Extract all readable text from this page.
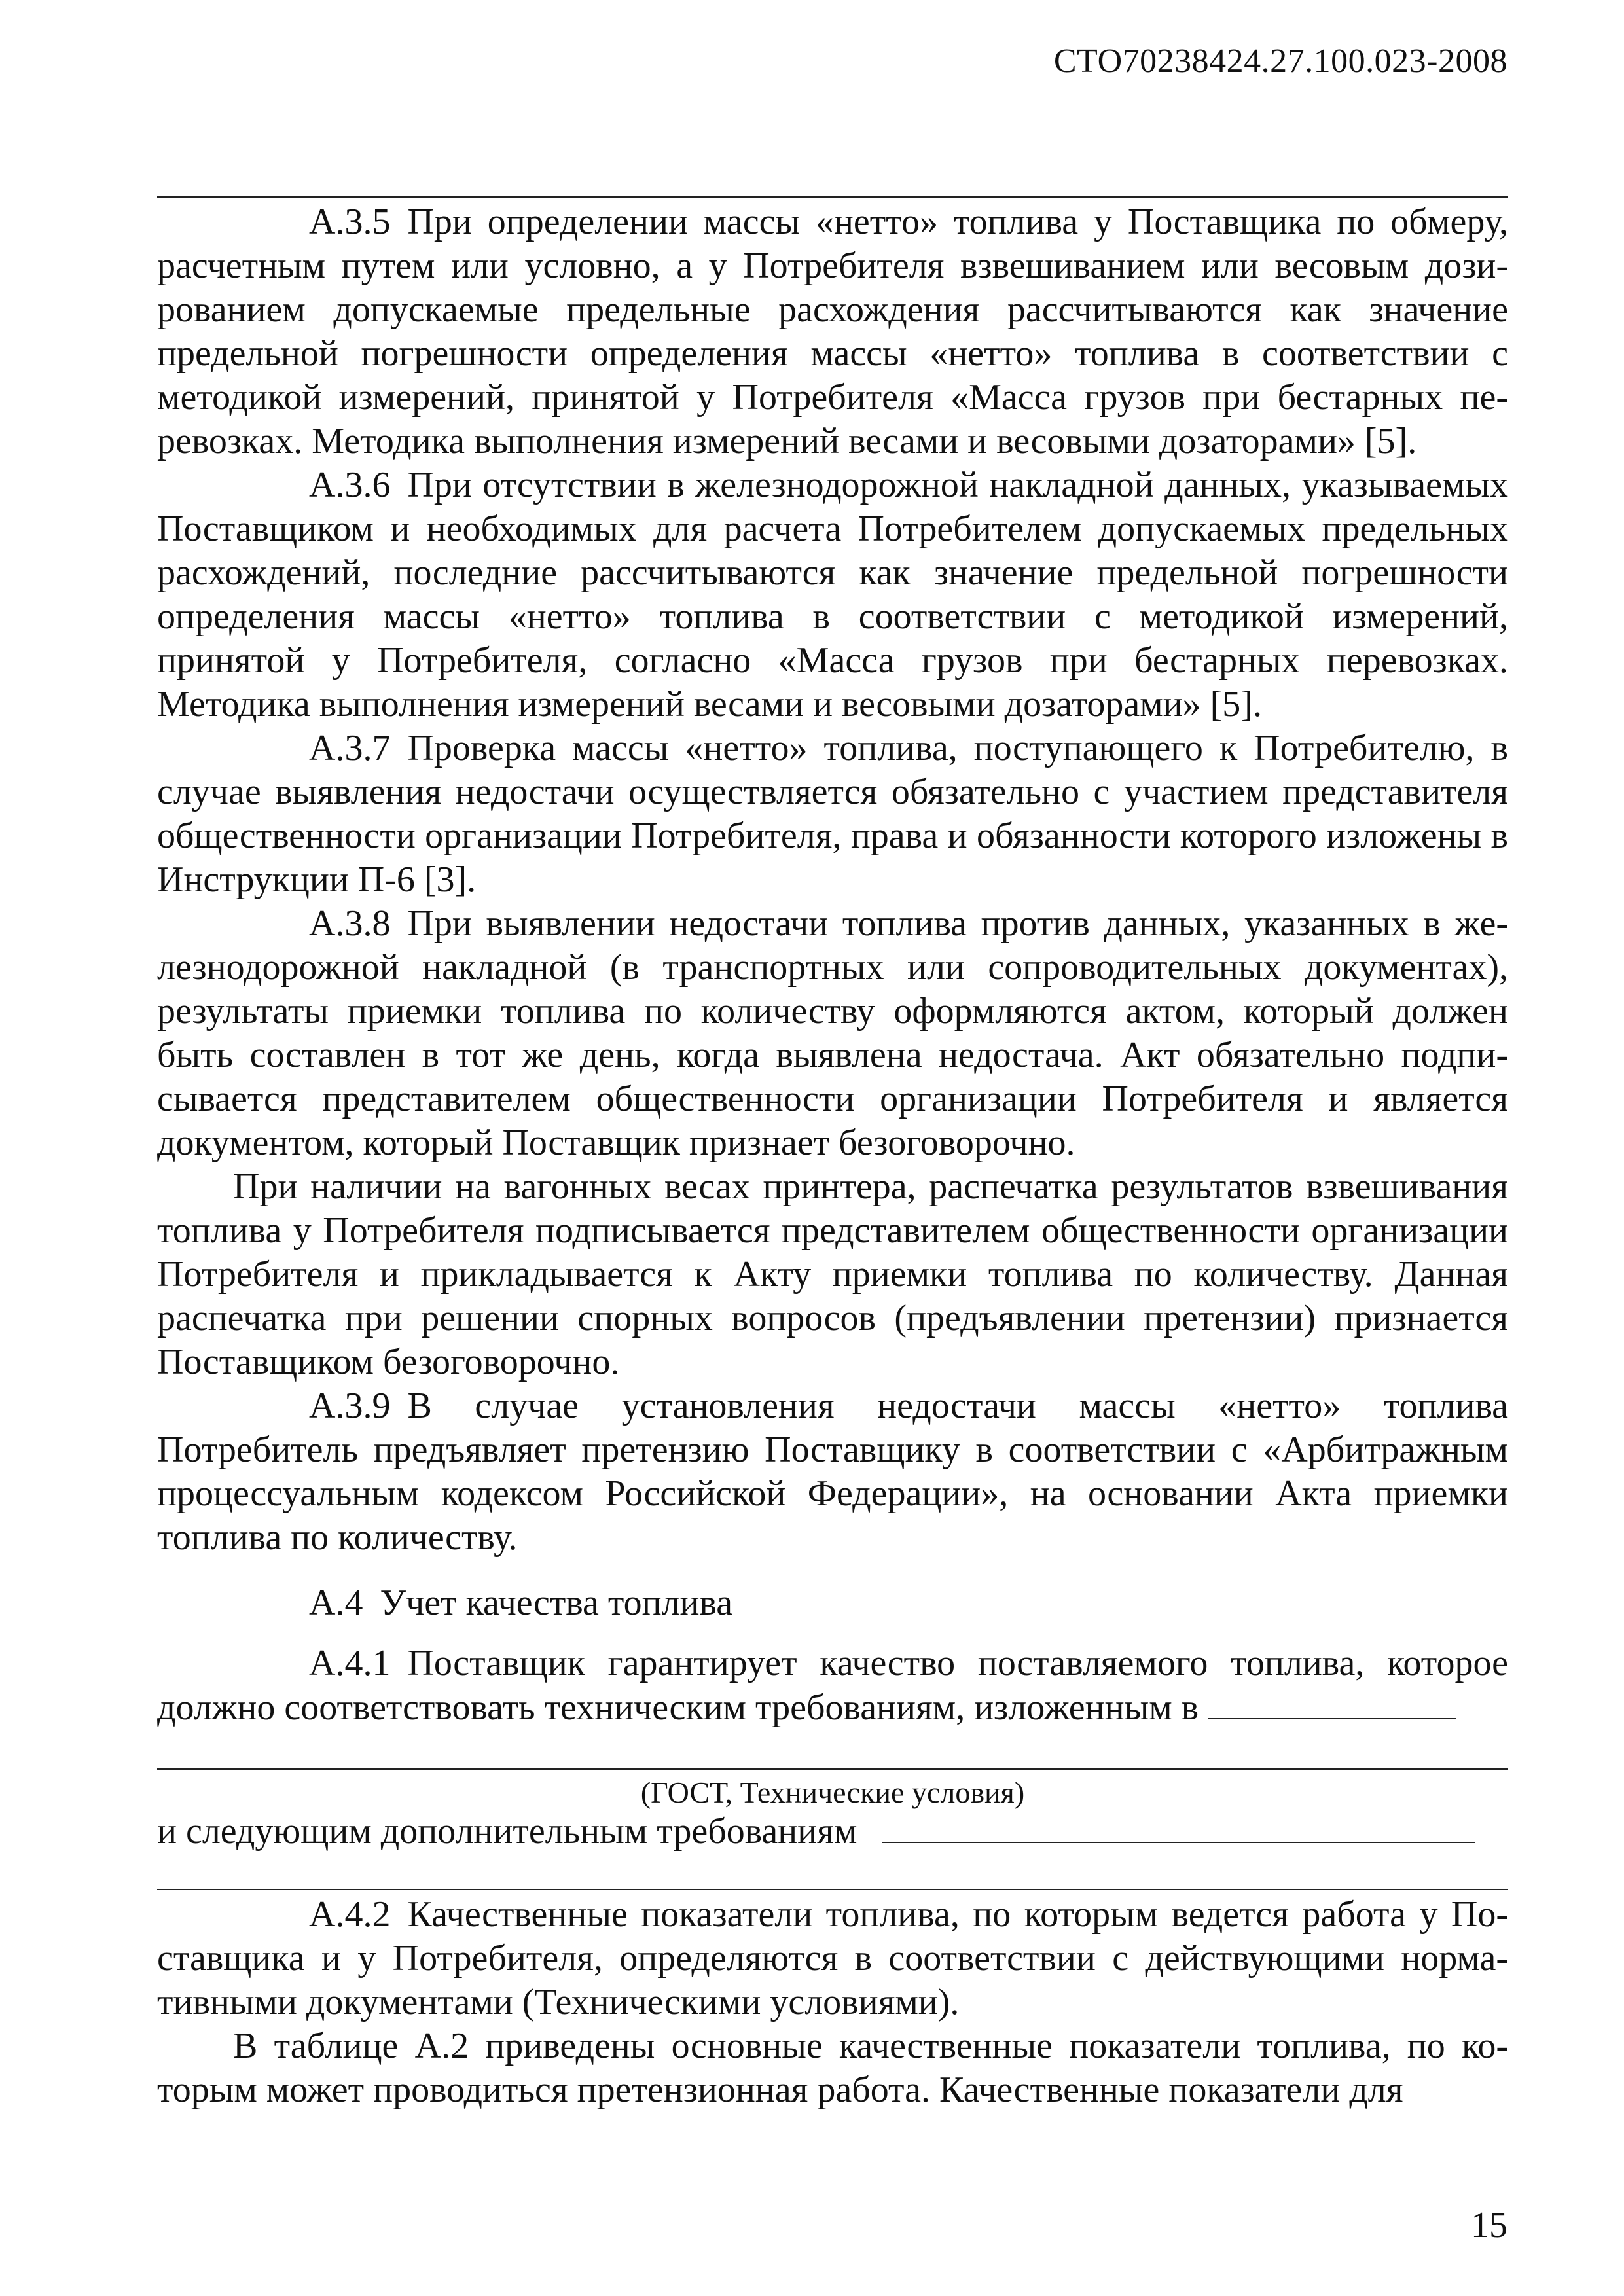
СТО70238424.27.100.023-2008

А.3.5 При определении массы «нетто» топлива у Поставщика по обмеру, расчетным путем или условно, а у Потребителя взвешиванием или весовым дозированием допускаемые предельные расхождения рассчитываются как значение предельной погрешности определения массы «нетто» топлива в соответствии с методикой измерений, принятой у Потребителя «Масса грузов при бестарных перевозках. Методика выполнения измерений весами и весовыми дозаторами» [5].

А.3.6 При отсутствии в железнодорожной накладной данных, указываемых Поставщиком и необходимых для расчета Потребителем допускаемых предельных расхождений, последние рассчитываются как значение предельной погрешности определения массы «нетто» топлива в соответствии с методикой измерений, принятой у Потребителя, согласно «Масса грузов при бестарных перевозках. Методика выполнения измерений весами и весовыми дозаторами» [5].

А.3.7 Проверка массы «нетто» топлива, поступающего к Потребителю, в случае выявления недостачи осуществляется обязательно с участием представителя общественности организации Потребителя, права и обязанности которого изложены в Инструкции П-6 [3].

А.3.8 При выявлении недостачи топлива против данных, указанных в железнодорожной накладной (в транспортных или сопроводительных документах), результаты приемки топлива по количеству оформляются актом, который должен быть составлен в тот же день, когда выявлена недостача. Акт обязательно подписывается представителем общественности организации Потребителя и является документом, который Поставщик признает безоговорочно.

При наличии на вагонных весах принтера, распечатка результатов взвешивания топлива у Потребителя подписывается представителем общественности организации Потребителя и прикладывается к Акту приемки топлива по количеству. Данная распечатка при решении спорных вопросов (предъявлении претензии) признается Поставщиком безоговорочно.

А.3.9 В случае установления недостачи массы «нетто» топлива Потребитель предъявляет претензию Поставщику в соответствии с «Арбитражным процессуальным кодексом Российской Федерации», на основании Акта приемки топлива по количеству.

А.4 Учет качества топлива

А.4.1 Поставщик гарантирует качество поставляемого топлива, которое должно соответствовать техническим требованиям, изложенным в

(ГОСТ, Технические условия)
и следующим дополнительным требованиям

А.4.2 Качественные показатели топлива, по которым ведется работа у Поставщика и у Потребителя, определяются в соответствии с действующими нормативными документами (Техническими условиями).

В таблице А.2 приведены основные качественные показатели топлива, по которым может проводиться претензионная работа. Качественные показатели для

15
